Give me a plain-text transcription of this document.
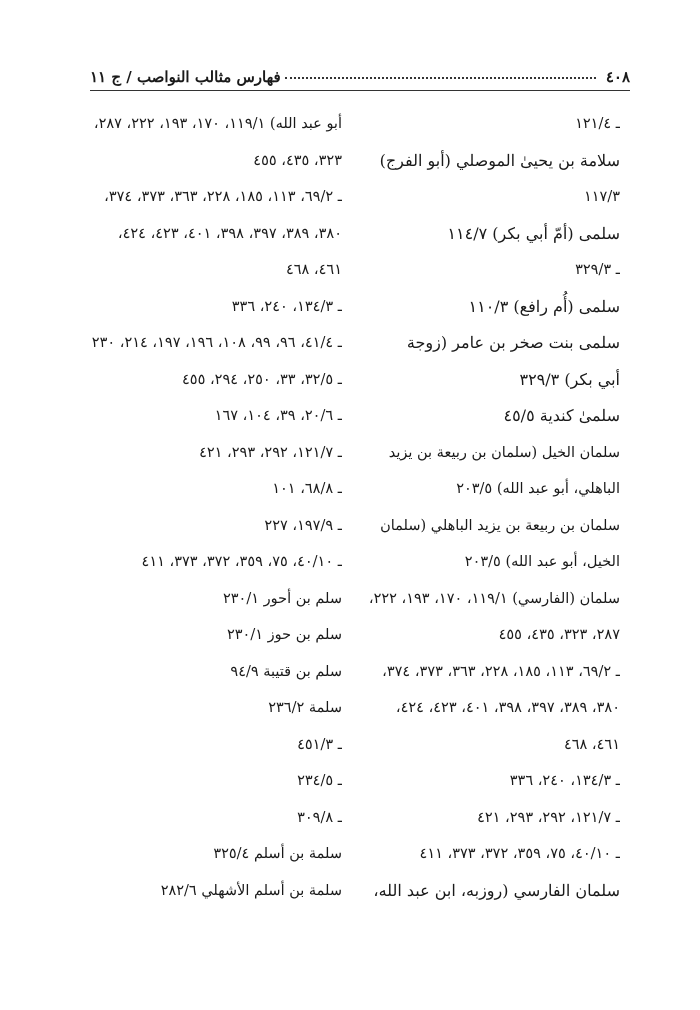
٤٠٨
فهارس مثالب النواصب / ج ١١
ـ ١٢١/٤
سلامة بن يحيىٰ الموصلي (أبو الفرج)
١١٧/٣
سلمى (أمّ أبي بكر) ١١٤/٧
ـ ٣٢٩/٣
سلمى (أُم رافع) ١١٠/٣
سلمى بنت صخر بن عامر (زوجة
أبي بكر) ٣٢٩/٣
سلمىٰ كندية ٤٥/٥
سلمان الخيل (سلمان بن ربيعة بن يزيد
الباهلي، أبو عبد الله) ٢٠٣/٥
سلمان بن ربيعة بن يزيد الباهلي (سلمان
الخيل، أبو عبد الله) ٢٠٣/٥
سلمان (الفارسي) ١١٩/١، ١٧٠، ١٩٣، ٢٢٢،
٢٨٧، ٣٢٣، ٤٣٥، ٤٥٥
ـ ٦٩/٢، ١١٣، ١٨٥، ٢٢٨، ٣٦٣، ٣٧٣، ٣٧٤،
٣٨٠، ٣٨٩، ٣٩٧، ٣٩٨، ٤٠١، ٤٢٣، ٤٢٤،
٤٦١، ٤٦٨
ـ ١٣٤/٣، ٢٤٠، ٣٣٦
ـ ١٢١/٧، ٢٩٢، ٢٩٣، ٤٢١
ـ ٤٠/١٠، ٧٥، ٣٥٩، ٣٧٢، ٣٧٣، ٤١١
سلمان الفارسي (روزبه، ابن عبد الله،
أبو عبد الله) ١١٩/١، ١٧٠، ١٩٣، ٢٢٢، ٢٨٧،
٣٢٣، ٤٣٥، ٤٥٥
ـ ٦٩/٢، ١١٣، ١٨٥، ٢٢٨، ٣٦٣، ٣٧٣، ٣٧٤،
٣٨٠، ٣٨٩، ٣٩٧، ٣٩٨، ٤٠١، ٤٢٣، ٤٢٤،
٤٦١، ٤٦٨
ـ ١٣٤/٣، ٢٤٠، ٣٣٦
ـ ٤١/٤، ٩٦، ٩٩، ١٠٨، ١٩٦، ١٩٧، ٢١٤، ٢٣٠
ـ ٣٢/٥، ٣٣، ٢٥٠، ٢٩٤، ٤٥٥
ـ ٢٠/٦، ٣٩، ١٠٤، ١٦٧
ـ ١٢١/٧، ٢٩٢، ٢٩٣، ٤٢١
ـ ٦٨/٨، ١٠١
ـ ١٩٧/٩، ٢٢٧
ـ ٤٠/١٠، ٧٥، ٣٥٩، ٣٧٢، ٣٧٣، ٤١١
سلم بن أحور ٢٣٠/١
سلم بن حوز ٢٣٠/١
سلم بن قتيبة ٩٤/٩
سلمة ٢٣٦/٢
ـ ٤٥١/٣
ـ ٢٣٤/٥
ـ ٣٠٩/٨
سلمة بن أسلم ٣٢٥/٤
سلمة بن أسلم الأشهلي ٢٨٢/٦
